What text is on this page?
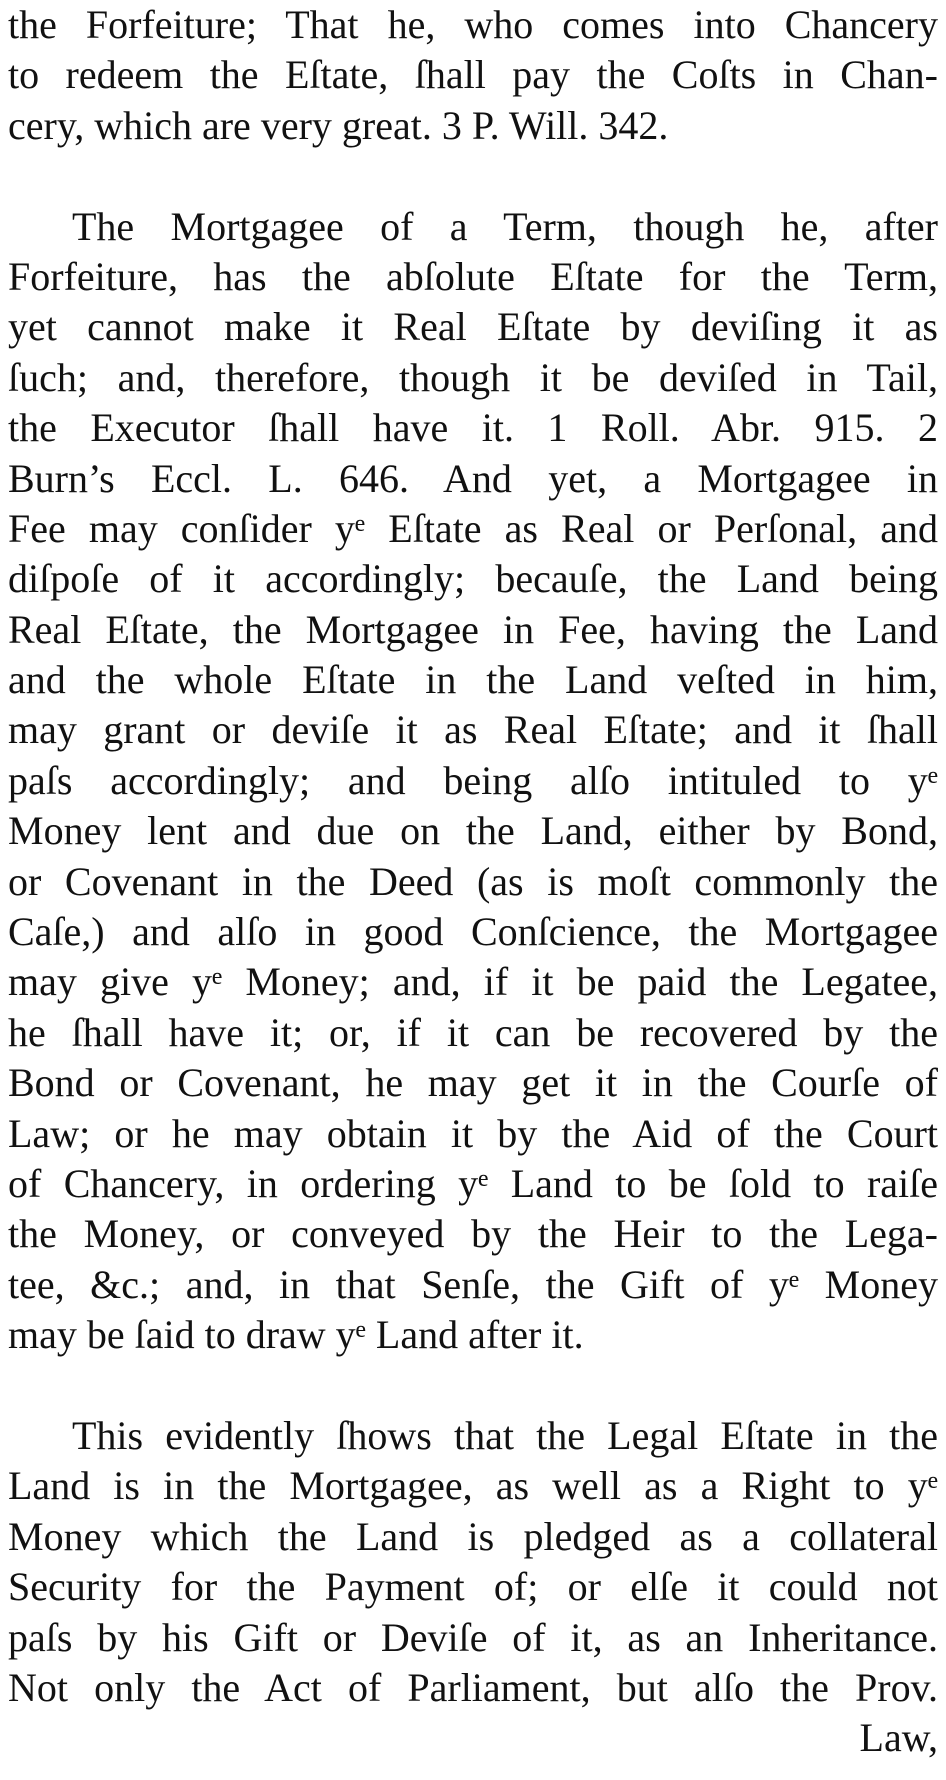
the Forfeiture; That he, who comes into Chancery
to redeem the Eſtate, ſhall pay the Coſts in Chan-
cery, which are very great. 3 P. Will. 342.
The Mortgagee of a Term, though he, after
Forfeiture, has the abſolute Eſtate for the Term,
yet cannot make it Real Eſtate by deviſing it as
ſuch; and, therefore, though it be deviſed in Tail,
the Executor ſhall have it. 1 Roll. Abr. 915. 2
Burn’s Eccl. L. 646. And yet, a Mortgagee in
Fee may conſider yᵉ Eſtate as Real or Perſonal, and
diſpoſe of it accordingly; becauſe, the Land being
Real Eſtate, the Mortgagee in Fee, having the Land
and the whole Eſtate in the Land veſted in him,
may grant or deviſe it as Real Eſtate; and it ſhall
paſs accordingly; and being alſo intituled to yᵉ
Money lent and due on the Land, either by Bond,
or Covenant in the Deed (as is moſt commonly the
Caſe,) and alſo in good Conſcience, the Mortgagee
may give yᵉ Money; and, if it be paid the Legatee,
he ſhall have it; or, if it can be recovered by the
Bond or Covenant, he may get it in the Courſe of
Law; or he may obtain it by the Aid of the Court
of Chancery, in ordering yᵉ Land to be ſold to raiſe
the Money, or conveyed by the Heir to the Lega-
tee, &c.; and, in that Senſe, the Gift of yᵉ Money
may be ſaid to draw yᵉ Land after it.
This evidently ſhows that the Legal Eſtate in the
Land is in the Mortgagee, as well as a Right to yᵉ
Money which the Land is pledged as a collateral
Security for the Payment of; or elſe it could not
paſs by his Gift or Deviſe of it, as an Inheritance.
Not only the Act of Parliament, but alſo the Prov.
Law,
